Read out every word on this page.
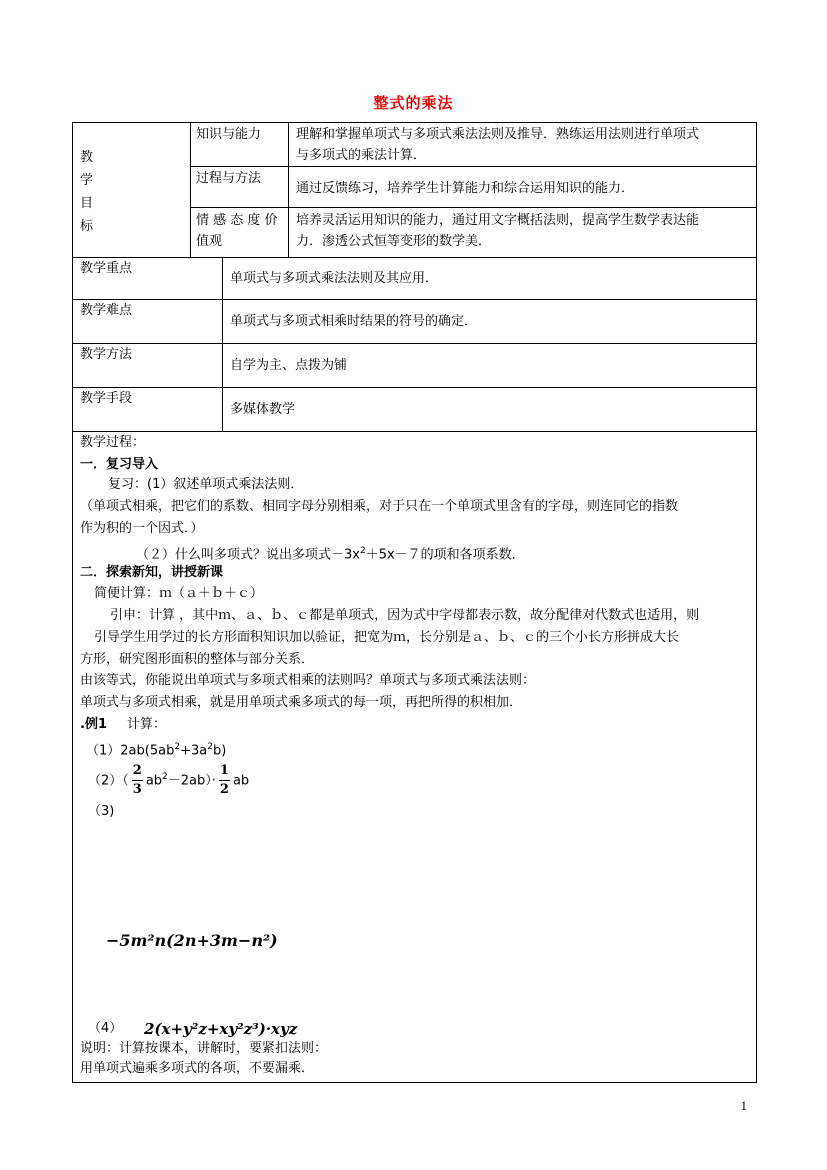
整式的乘法
教
学
目
标
知识与能力	理解和掌握单项式与多项式乘法法则及推导．熟练运用法则进行单项式
与多项式的乘法计算．
过程与方法
通过反馈练习，培养学生计算能力和综合运用知识的能力．
情 感 态 度 价
值观
培养灵活运用知识的能力，通过用文字概括法则，提高学生数学表达能
力．渗透公式恒等变形的数学美．
教学重点
单项式与多项式乘法法则及其应用．
教学难点
单项式与多项式相乘时结果的符号的确定．
教学方法
自学为主、点拨为铺
教学手段
多媒体教学
教学过程：
一．复习导入
复习：(1）叙述单项式乘法法则．
（单项式相乘，把它们的系数、相同字母分别相乘，对于只在一个单项式里含有的字母，则连同它的指数
作为积的一个因式．）
（２）什么叫多项式？说出多项式$-3x^2+5x-7$的项和各项系数．
二．探索新知，讲授新课
简便计算：ｍ（ａ＋ｂ＋ｃ）
引申：计算 ，其中ｍ、ａ、ｂ、ｃ都是单项式，因为式中字母都表示数，故分配律对代数式也适用，则
引导学生用学过的长方形面积知识加以验证，把宽为ｍ，长分别是ａ、ｂ、ｃ的三个小长方形拼成大长
方形，研究图形面积的整体与部分关系．
由该等式，你能说出单项式与多项式相乘的法则吗？单项式与多项式乘法法则：
单项式与多项式相乘，就是用单项式乘多项式的每一项，再把所得的积相加．
.例1 计算：
$(1)2ab(5ab^2+3a^2b)$
$(2)( \frac{2}{3} ab^2-2ab)\cdot \frac{1}{2}$ ab
（3)
−5m²n(2n+3m−n²)
（4） 2(x+y²z+xy²z³)·xyz
说明：计算按课本，讲解时，要紧扣法则：
用单项式遍乘多项式的各项，不要漏乘．
1
